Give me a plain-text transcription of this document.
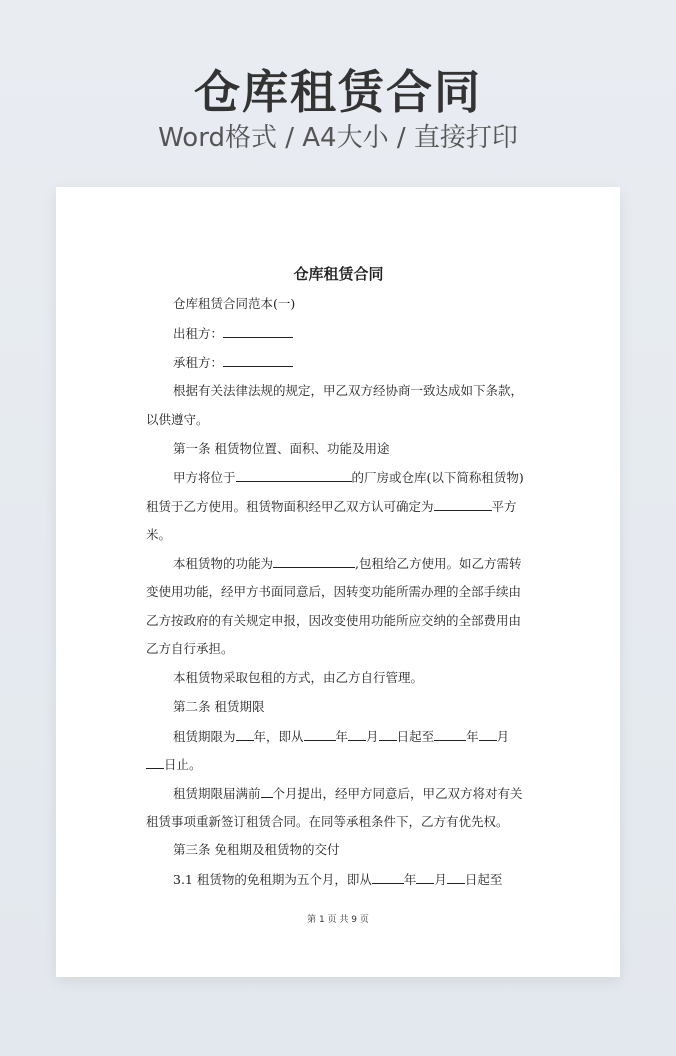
仓库租赁合同
Word格式 / A4大小 / 直接打印
仓库租赁合同
仓库租赁合同范本(一)
出租方：
承租方：
根据有关法律法规的规定，甲乙双方经协商一致达成如下条款，
以供遵守。
第一条 租赁物位置、面积、功能及用途
甲方将位于	的厂房或仓库(以下简称租赁物)
租赁于乙方使用。租赁物面积经甲乙双方认可确定为	平方
米。
本租赁物的功能为	,包租给乙方使用。如乙方需转
变使用功能，经甲方书面同意后，因转变功能所需办理的全部手续由
乙方按政府的有关规定申报，因改变使用功能所应交纳的全部费用由
乙方自行承担。
本租赁物采取包租的方式，由乙方自行管理。
第二条 租赁期限
租赁期限为 年，即从	年 月 日起至	年 月
日止。
租赁期限届满前 个月提出，经甲方同意后，甲乙双方将对有关
租赁事项重新签订租赁合同。在同等承租条件下，乙方有优先权。
第三条 免租期及租赁物的交付
3.1 租赁物的免租期为五个月，即从	年 月 日起至
第 1 页 共 9 页
